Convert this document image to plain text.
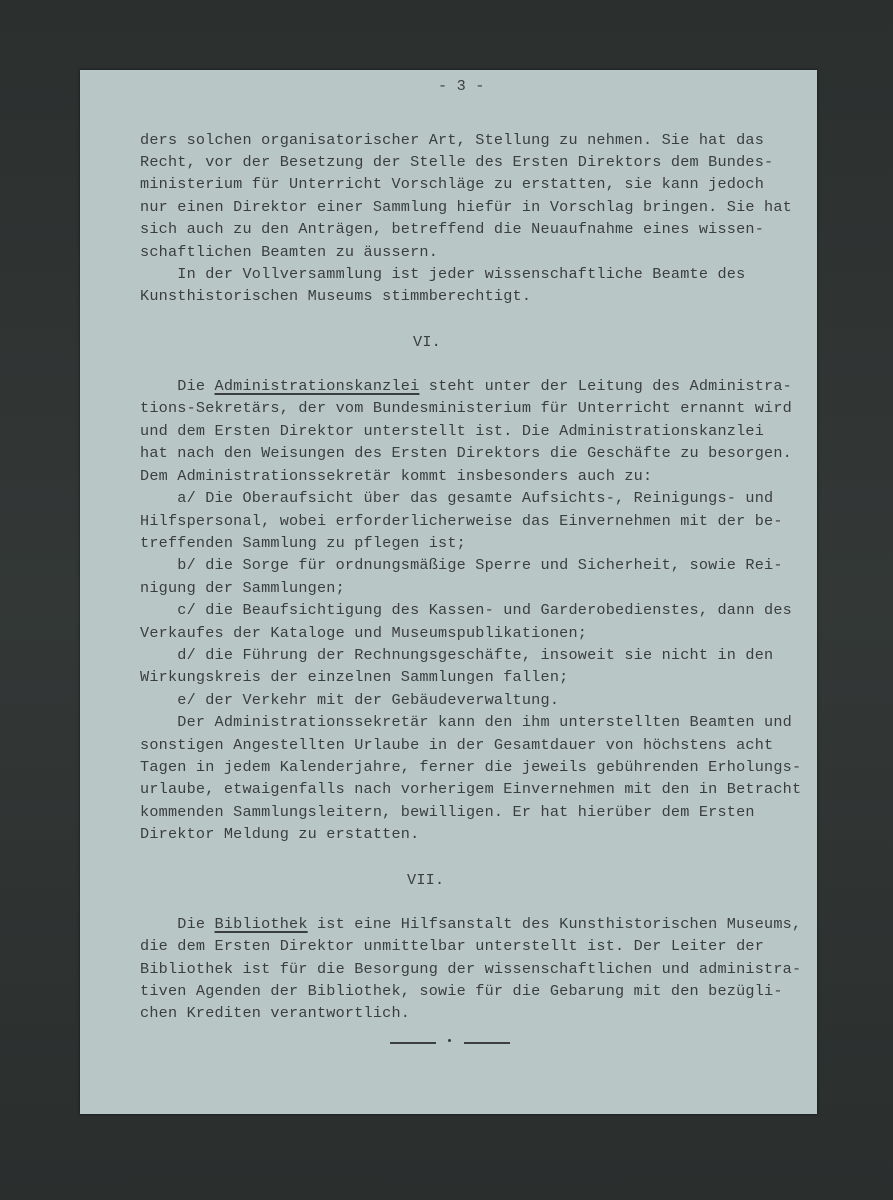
- 3 -
ders solchen organisatorischer Art, Stellung zu nehmen. Sie hat das
Recht, vor der Besetzung der Stelle des Ersten Direktors dem Bundes-
ministerium für Unterricht Vorschläge zu erstatten, sie kann jedoch
nur einen Direktor einer Sammlung hiefür in Vorschlag bringen. Sie hat
sich auch zu den Anträgen, betreffend die Neuaufnahme eines wissen-
schaftlichen Beamten zu äussern.
In der Vollversammlung ist jeder wissenschaftliche Beamte des
Kunsthistorischen Museums stimmberechtigt.
VI.
Die Administrationskanzlei steht unter der Leitung des Administra-
tions-Sekretärs, der vom Bundesministerium für Unterricht ernannt wird
und dem Ersten Direktor unterstellt ist. Die Administrationskanzlei
hat nach den Weisungen des Ersten Direktors die Geschäfte zu besorgen.
Dem Administrationssekretär kommt insbesonders auch zu:
a/ Die Oberaufsicht über das gesamte Aufsichts-, Reinigungs- und
Hilfspersonal, wobei erforderlicherweise das Einvernehmen mit der be-
treffenden Sammlung zu pflegen ist;
b/ die Sorge für ordnungsmäßige Sperre und Sicherheit, sowie Rei-
nigung der Sammlungen;
c/ die Beaufsichtigung des Kassen- und Garderobedienstes, dann des
Verkaufes der Kataloge und Museumspublikationen;
d/ die Führung der Rechnungsgeschäfte, insoweit sie nicht in den
Wirkungskreis der einzelnen Sammlungen fallen;
e/ der Verkehr mit der Gebäudeverwaltung.
Der Administrationssekretär kann den ihm unterstellten Beamten und
sonstigen Angestellten Urlaube in der Gesamtdauer von höchstens acht
Tagen in jedem Kalenderjahre, ferner die jeweils gebührenden Erholungs-
urlaube, etwaigenfalls nach vorherigem Einvernehmen mit den in Betracht
kommenden Sammlungsleitern, bewilligen. Er hat hierüber dem Ersten
Direktor Meldung zu erstatten.
VII.
Die Bibliothek ist eine Hilfsanstalt des Kunsthistorischen Museums,
die dem Ersten Direktor unmittelbar unterstellt ist. Der Leiter der
Bibliothek ist für die Besorgung der wissenschaftlichen und administra-
tiven Agenden der Bibliothek, sowie für die Gebarung mit den bezügli-
chen Krediten verantwortlich.
